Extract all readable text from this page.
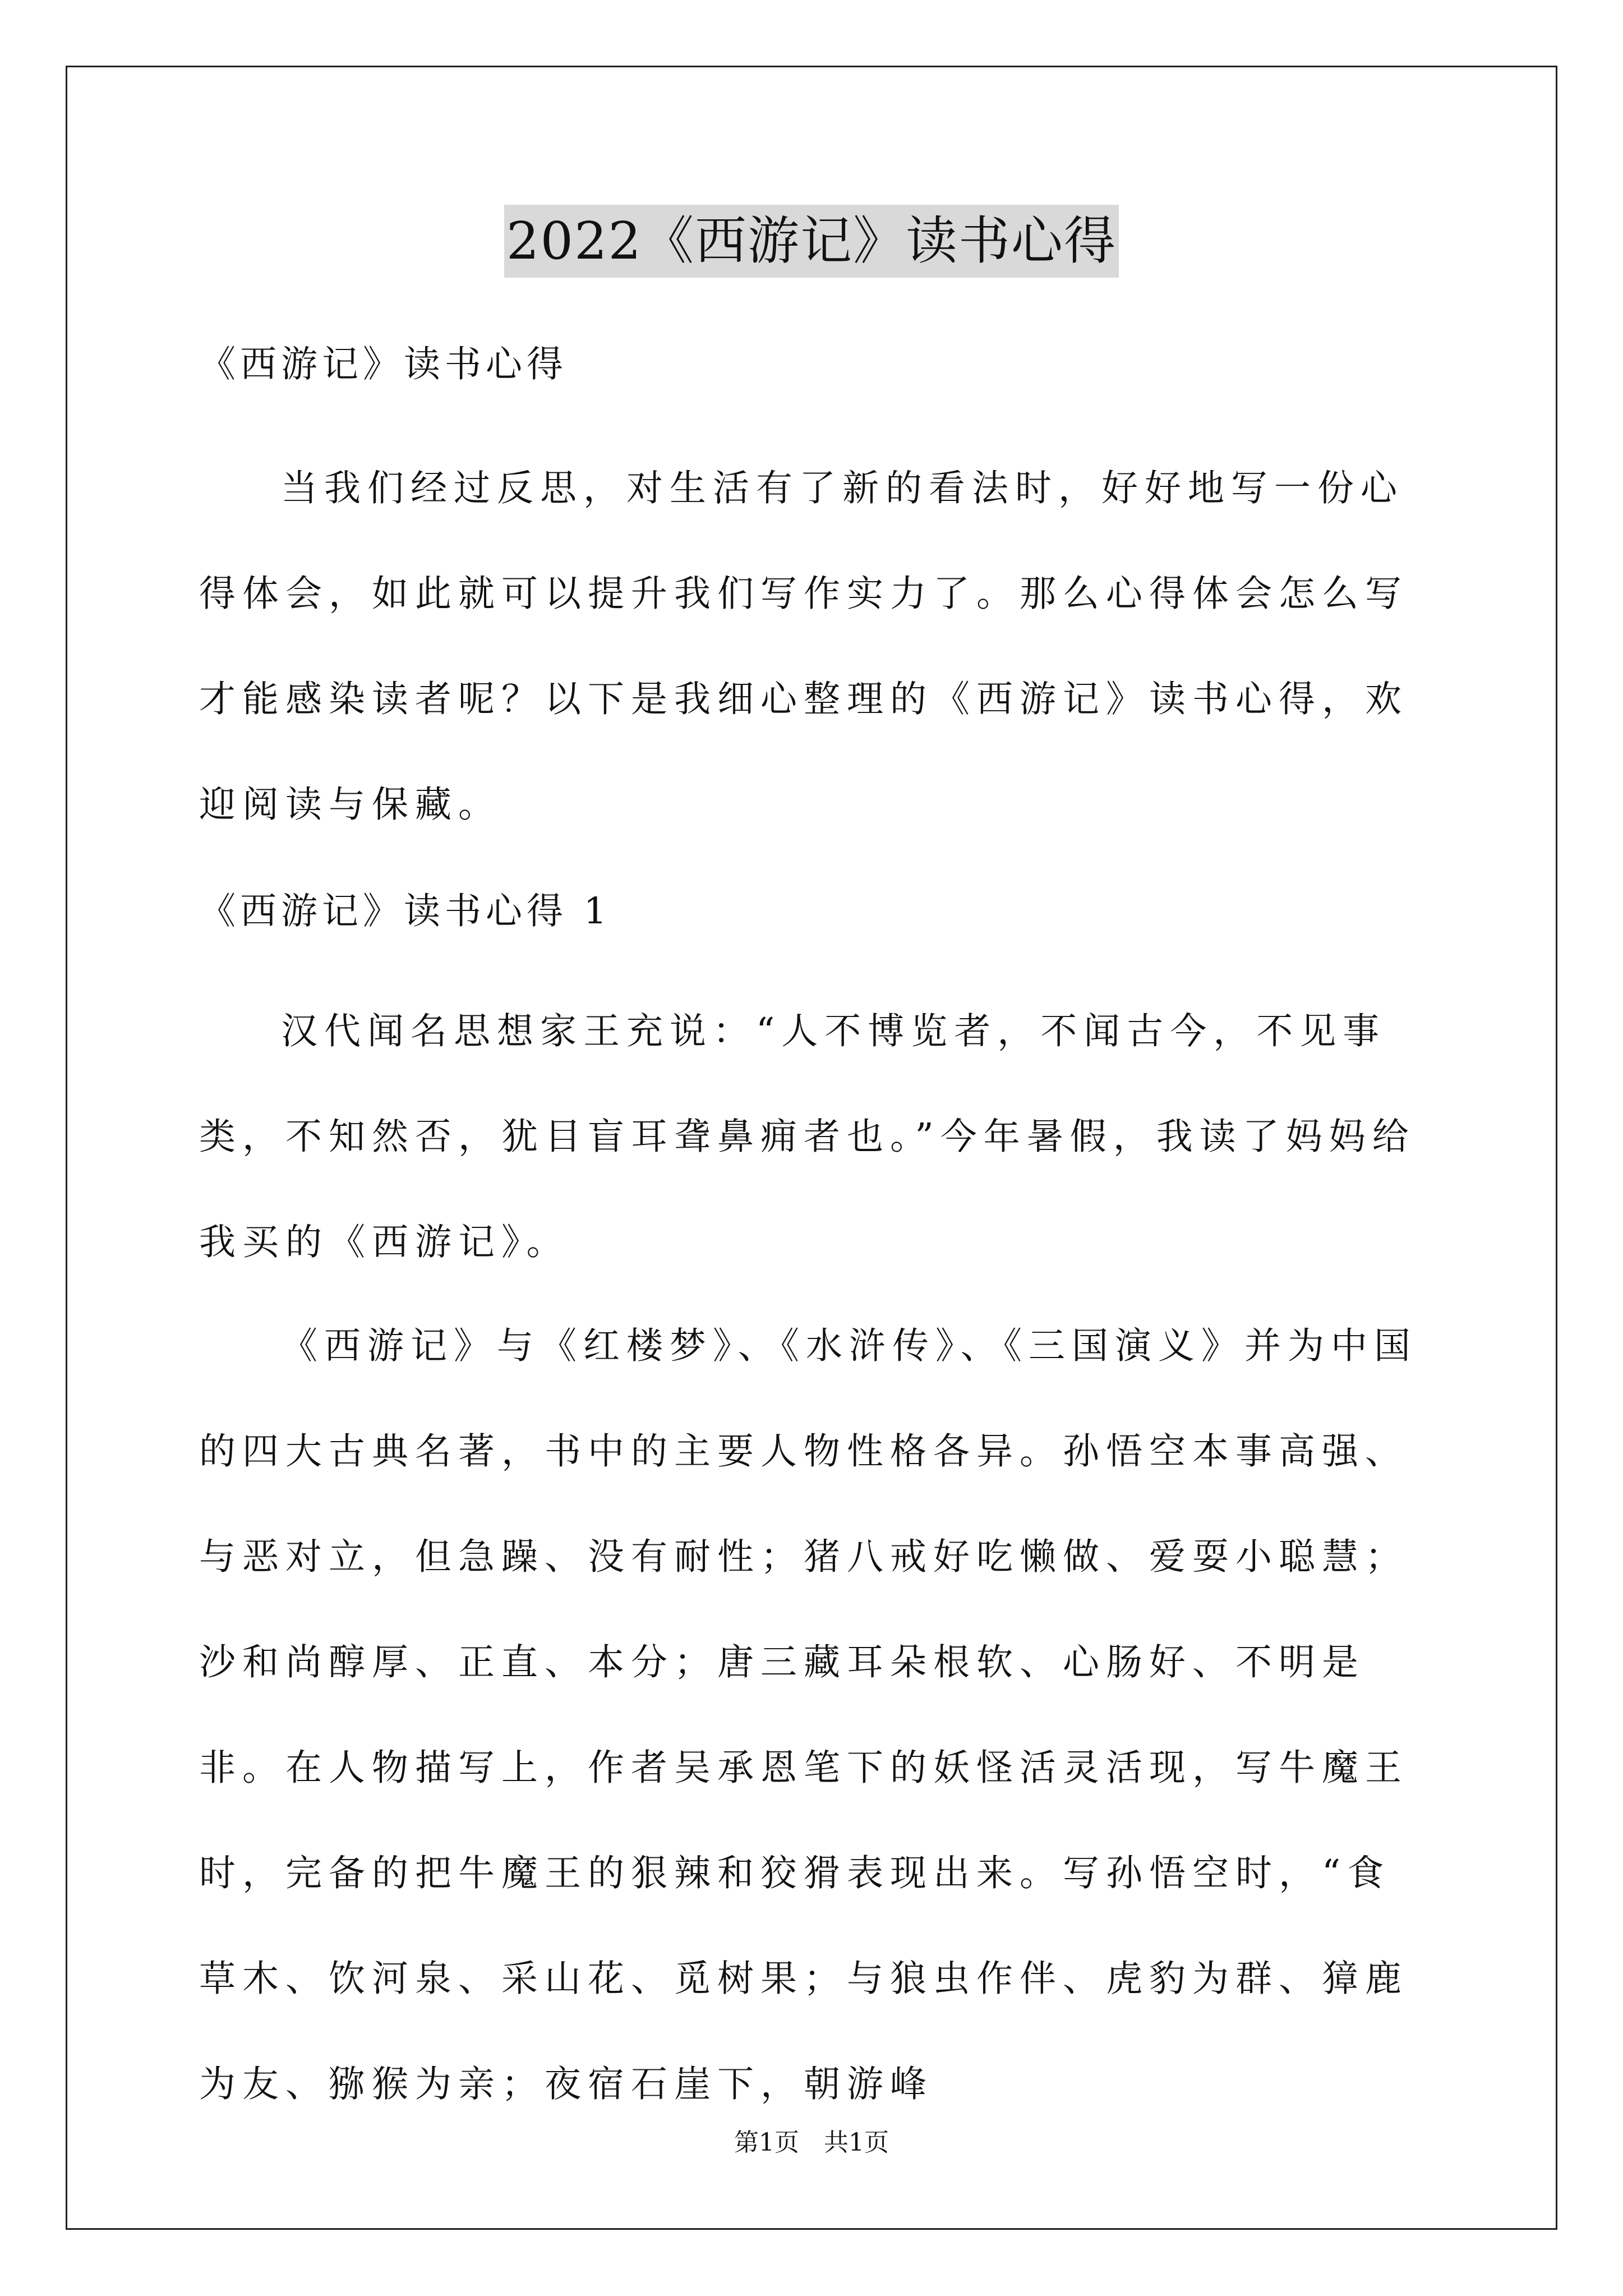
2022《西游记》读书心得
《西游记》读书心得
当我们经过反思，对生活有了新的看法时，好好地写一份心得体会，如此就可以提升我们写作实力了。那么心得体会怎么写才能感染读者呢？以下是我细心整理的《西游记》读书心得，欢迎阅读与保藏。
《西游记》读书心得 1
汉代闻名思想家王充说：“人不博览者，不闻古今，不见事类，不知然否，犹目盲耳聋鼻痈者也。”今年暑假，我读了妈妈给我买的《西游记》。
《西游记》与《红楼梦》、《水浒传》、《三国演义》并为中国的四大古典名著，书中的主要人物性格各异。孙悟空本事高强、与恶对立，但急躁、没有耐性；猪八戒好吃懒做、爱耍小聪慧；沙和尚醇厚、正直、本分；唐三藏耳朵根软、心肠好、不明是非。在人物描写上，作者吴承恩笔下的妖怪活灵活现，写牛魔王时，完备的把牛魔王的狠辣和狡猾表现出来。写孙悟空时，“食草木、饮河泉、采山花、觅树果；与狼虫作伴、虎豹为群、獐鹿为友、猕猴为亲；夜宿石崖下，朝游峰
第1页　共1页
